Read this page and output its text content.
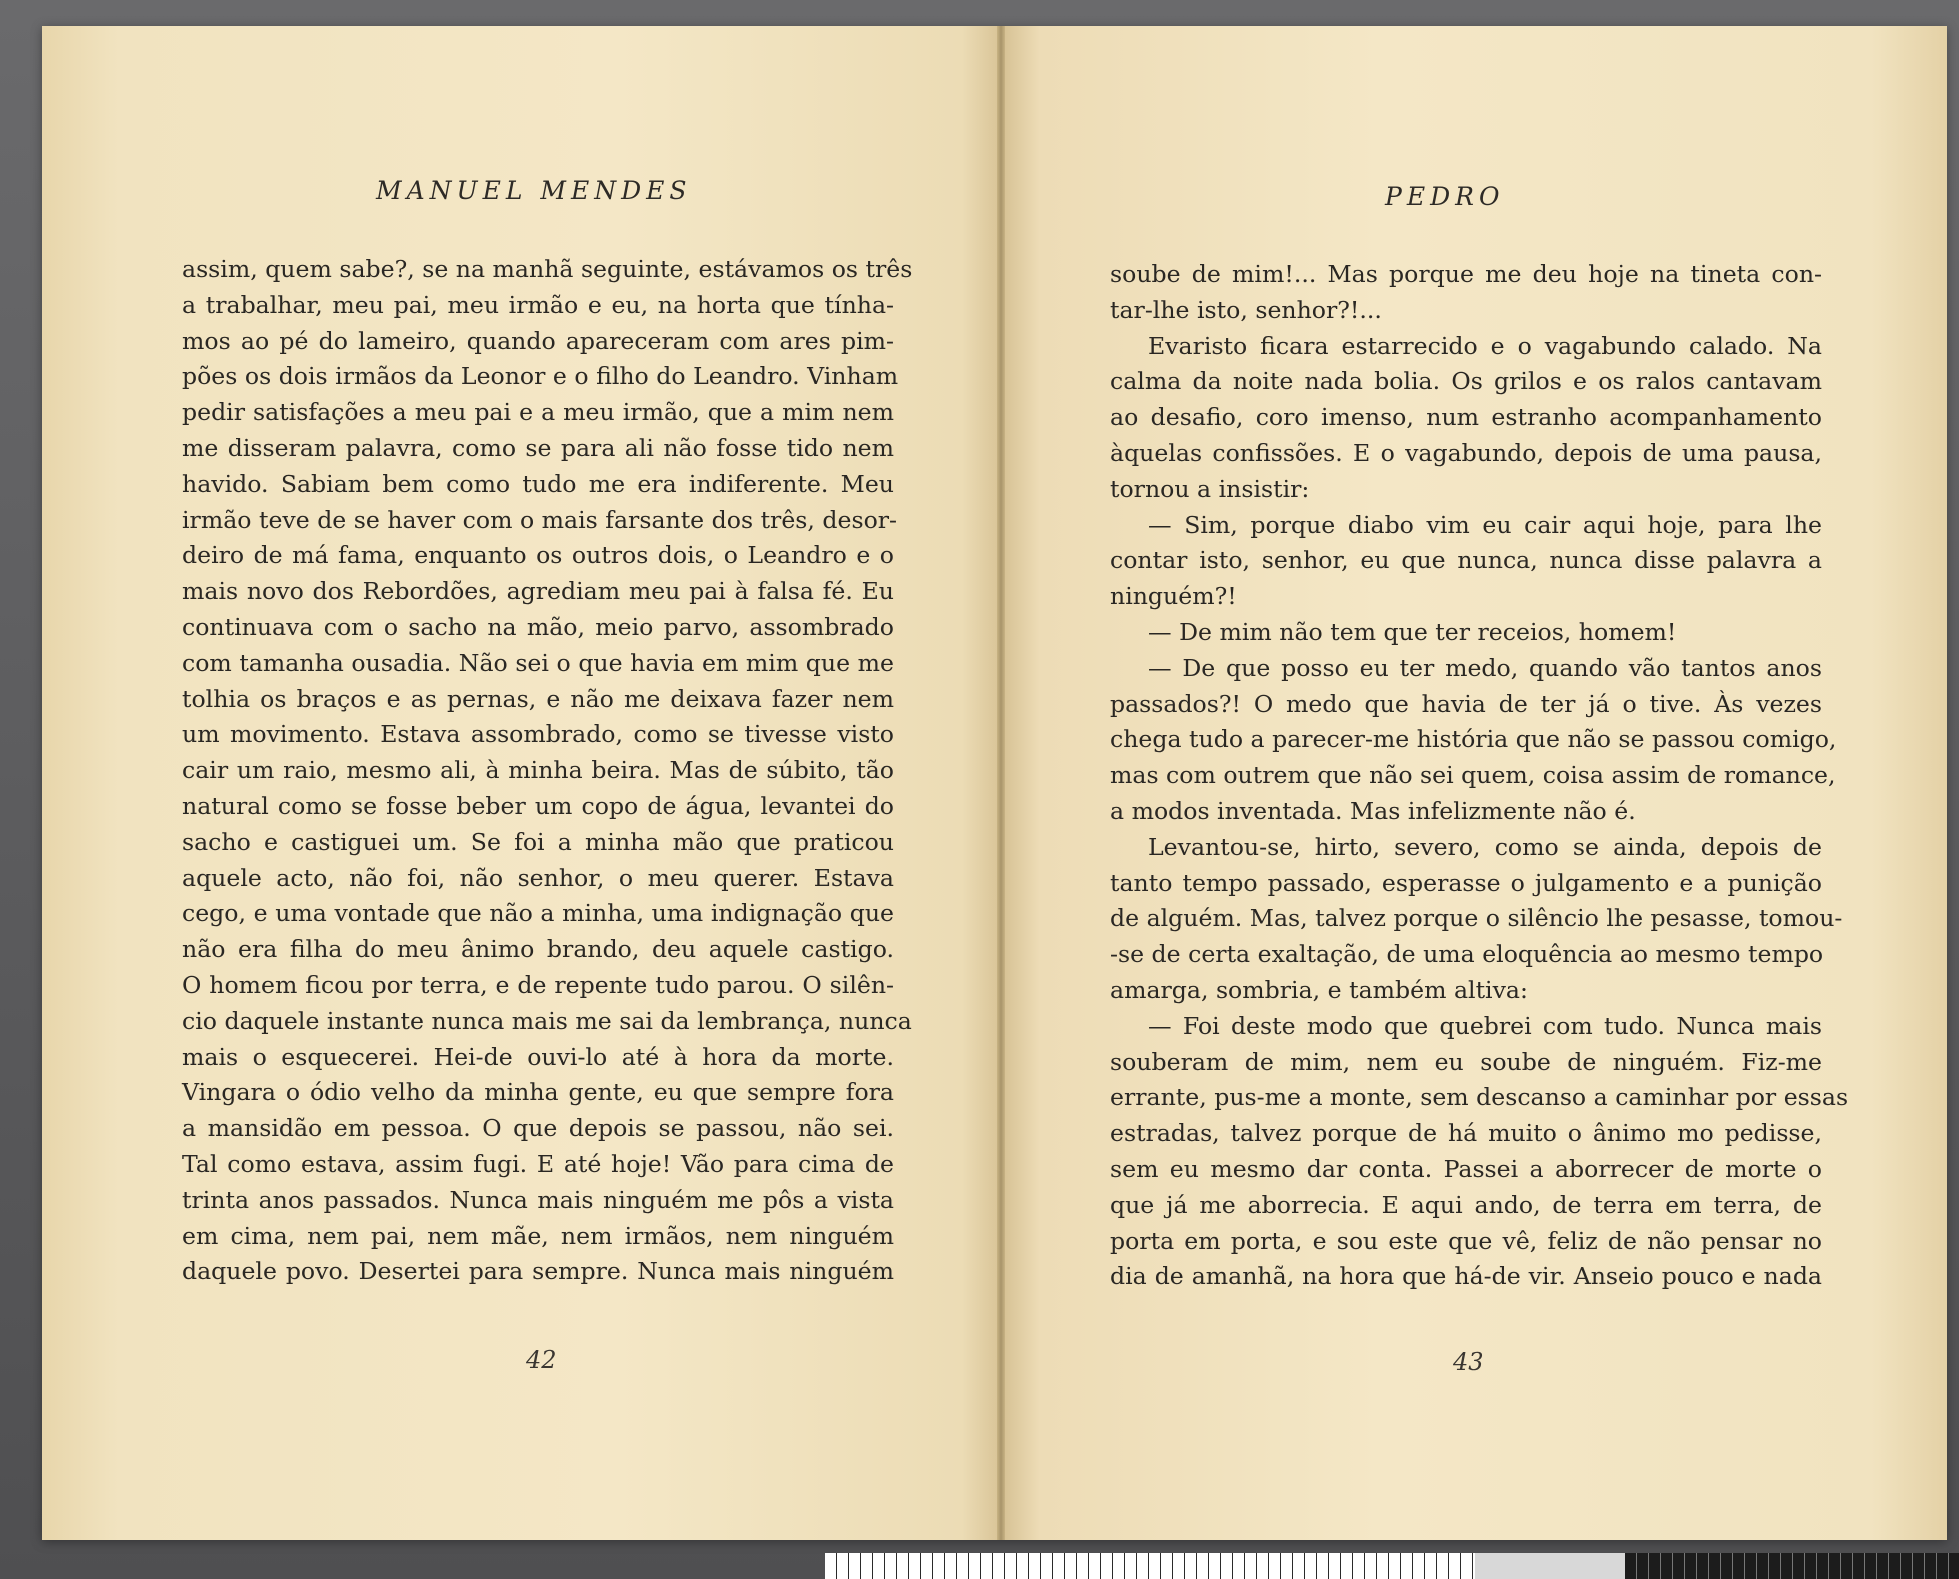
MANUEL MENDES
assim, quem sabe?, se na manhã seguinte, estávamos os três
a trabalhar, meu pai, meu irmão e eu, na horta que tínha-
mos ao pé do lameiro, quando apareceram com ares pim-
pões os dois irmãos da Leonor e o filho do Leandro. Vinham
pedir satisfações a meu pai e a meu irmão, que a mim nem
me disseram palavra, como se para ali não fosse tido nem
havido. Sabiam bem como tudo me era indiferente. Meu
irmão teve de se haver com o mais farsante dos três, desor-
deiro de má fama, enquanto os outros dois, o Leandro e o
mais novo dos Rebordões, agrediam meu pai à falsa fé. Eu
continuava com o sacho na mão, meio parvo, assombrado
com tamanha ousadia. Não sei o que havia em mim que me
tolhia os braços e as pernas, e não me deixava fazer nem
um movimento. Estava assombrado, como se tivesse visto
cair um raio, mesmo ali, à minha beira. Mas de súbito, tão
natural como se fosse beber um copo de água, levantei do
sacho e castiguei um. Se foi a minha mão que praticou
aquele acto, não foi, não senhor, o meu querer. Estava
cego, e uma vontade que não a minha, uma indignação que
não era filha do meu ânimo brando, deu aquele castigo.
O homem ficou por terra, e de repente tudo parou. O silên-
cio daquele instante nunca mais me sai da lembrança, nunca
mais o esquecerei. Hei-de ouvi-lo até à hora da morte.
Vingara o ódio velho da minha gente, eu que sempre fora
a mansidão em pessoa. O que depois se passou, não sei.
Tal como estava, assim fugi. E até hoje! Vão para cima de
trinta anos passados. Nunca mais ninguém me pôs a vista
em cima, nem pai, nem mãe, nem irmãos, nem ninguém
daquele povo. Desertei para sempre. Nunca mais ninguém
42
PEDRO
soube de mim!... Mas porque me deu hoje na tineta con-
tar-lhe isto, senhor?!...
Evaristo ficara estarrecido e o vagabundo calado. Na
calma da noite nada bolia. Os grilos e os ralos cantavam
ao desafio, coro imenso, num estranho acompanhamento
àquelas confissões. E o vagabundo, depois de uma pausa,
tornou a insistir:
— Sim, porque diabo vim eu cair aqui hoje, para lhe
contar isto, senhor, eu que nunca, nunca disse palavra a
ninguém?!
— De mim não tem que ter receios, homem!
— De que posso eu ter medo, quando vão tantos anos
passados?! O medo que havia de ter já o tive. Às vezes
chega tudo a parecer-me história que não se passou comigo,
mas com outrem que não sei quem, coisa assim de romance,
a modos inventada. Mas infelizmente não é.
Levantou-se, hirto, severo, como se ainda, depois de
tanto tempo passado, esperasse o julgamento e a punição
de alguém. Mas, talvez porque o silêncio lhe pesasse, tomou-
-se de certa exaltação, de uma eloquência ao mesmo tempo
amarga, sombria, e também altiva:
— Foi deste modo que quebrei com tudo. Nunca mais
souberam de mim, nem eu soube de ninguém. Fiz-me
errante, pus-me a monte, sem descanso a caminhar por essas
estradas, talvez porque de há muito o ânimo mo pedisse,
sem eu mesmo dar conta. Passei a aborrecer de morte o
que já me aborrecia. E aqui ando, de terra em terra, de
porta em porta, e sou este que vê, feliz de não pensar no
dia de amanhã, na hora que há-de vir. Anseio pouco e nada
43
